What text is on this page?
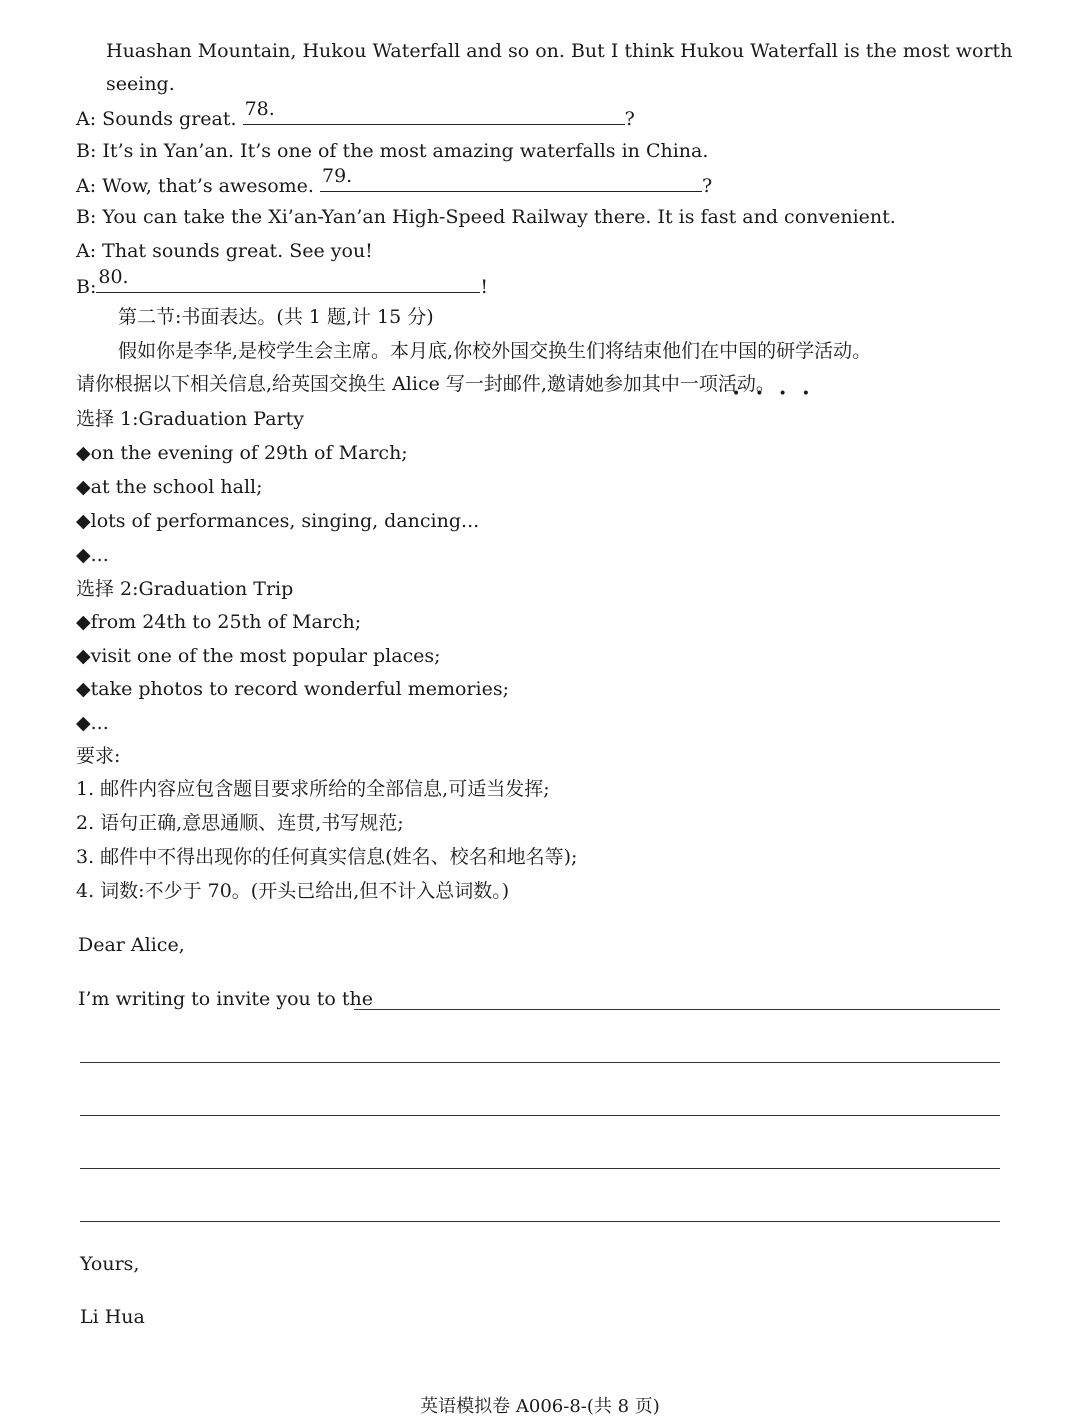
Huashan Mountain, Hukou Waterfall and so on. But I think Hukou Waterfall is the most worth
seeing.
A: Sounds great. 78.	?
B: It’s in Yan’an. It’s one of the most amazing waterfalls in China.
A: Wow, that’s awesome. 79.	?
B: You can take the Xi’an-Yan’an High-Speed Railway there. It is fast and convenient.
A: That sounds great. See you!
B: 80.	!
第二节:书面表达。(共 1 题,计 15 分)
假如你是李华,是校学生会主席。本月底,你校外国交换生们将结束他们在中国的研学活动。
请你根据以下相关信息,给英国交换生 Alice 写一封邮件,邀请她参加其中一项活动。
••••
选择 1:Graduation Party
◆on the evening of 29th of March;
◆at the school hall;
◆lots of performances, singing, dancing...
◆...
选择 2:Graduation Trip
◆from 24th to 25th of March;
◆visit one of the most popular places;
◆take photos to record wonderful memories;
◆...
要求:
1. 邮件内容应包含题目要求所给的全部信息,可适当发挥;
2. 语句正确,意思通顺、连贯,书写规范;
3. 邮件中不得出现你的任何真实信息(姓名、校名和地名等);
4. 词数:不少于 70。(开头已给出,但不计入总词数。)
Dear Alice,
I’m writing to invite you to the
Yours,
Li Hua
英语模拟卷 A006-8-(共 8 页)
